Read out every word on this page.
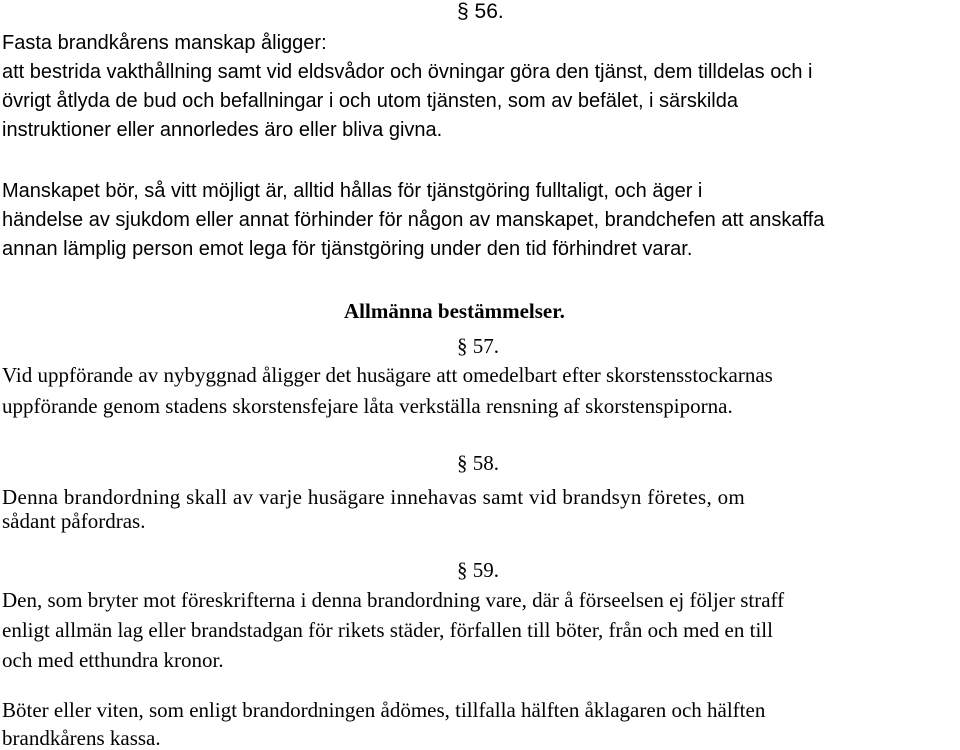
§ 56.
Fasta brandkårens manskap åligger:
att bestrida vakthållning samt vid eldsvådor och övningar göra den tjänst, dem tilldelas och i
övrigt åtlyda de bud och befallningar i och utom tjänsten, som av befälet, i särskilda
instruktioner eller annorledes äro eller bliva givna.
Manskapet bör, så vitt möjligt är, alltid hållas för tjänstgöring fulltaligt, och äger i
händelse av sjukdom eller annat förhinder för någon av manskapet, brandchefen att anskaffa
annan lämplig person emot lega för tjänstgöring under den tid förhindret varar.
Allmänna bestämmelser.
§ 57.
Vid uppförande av nybyggnad åligger det husägare att omedelbart efter skorstensstockarnas
uppförande genom stadens skorstensfejare låta verkställa rensning af skorstenspiporna.
§ 58.
Denna brandordning skall av varje husägare innehavas samt vid brandsyn företes, om
sådant påfordras.
§ 59.
Den, som bryter mot föreskrifterna i denna brandordning vare, där å förseelsen ej följer straff
enligt allmän lag eller brandstadgan för rikets städer, förfallen till böter, från och med en till
och med etthundra kronor.
Böter eller viten, som enligt brandordningen ådömes, tillfalla hälften åklagaren och hälften
brandkårens kassa.
